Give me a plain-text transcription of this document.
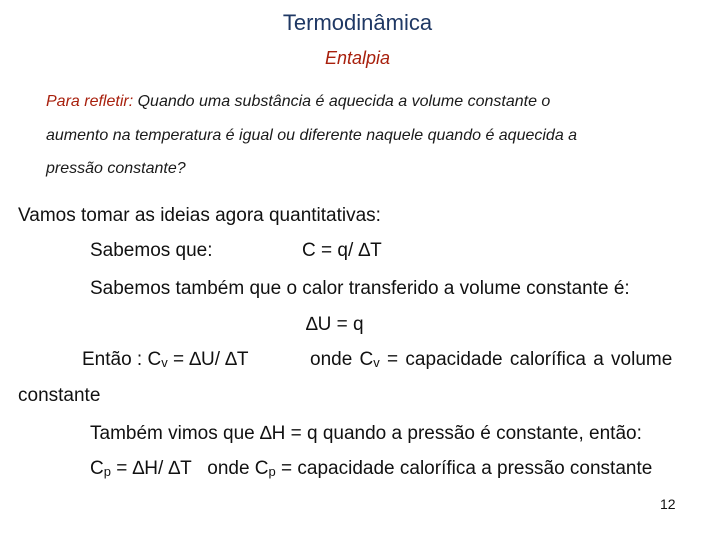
Termodinâmica
Entalpia
Para refletir: Quando uma substância é aquecida a volume constante o
aumento na temperatura é igual ou diferente naquele quando é aquecida a
pressão constante?
Vamos tomar as ideias agora quantitativas:
Sabemos que:	C = q/ ∆T
Sabemos também que o calor transferido a volume constante é:
∆U = q
Então : Cv = ∆U/ ∆T	onde Cv = capacidade calorífica a volume
constante
Também vimos que ∆H = q quando a pressão é constante, então:
Cp = ∆H/ ∆T   onde Cp = capacidade calorífica a pressão constante
12
